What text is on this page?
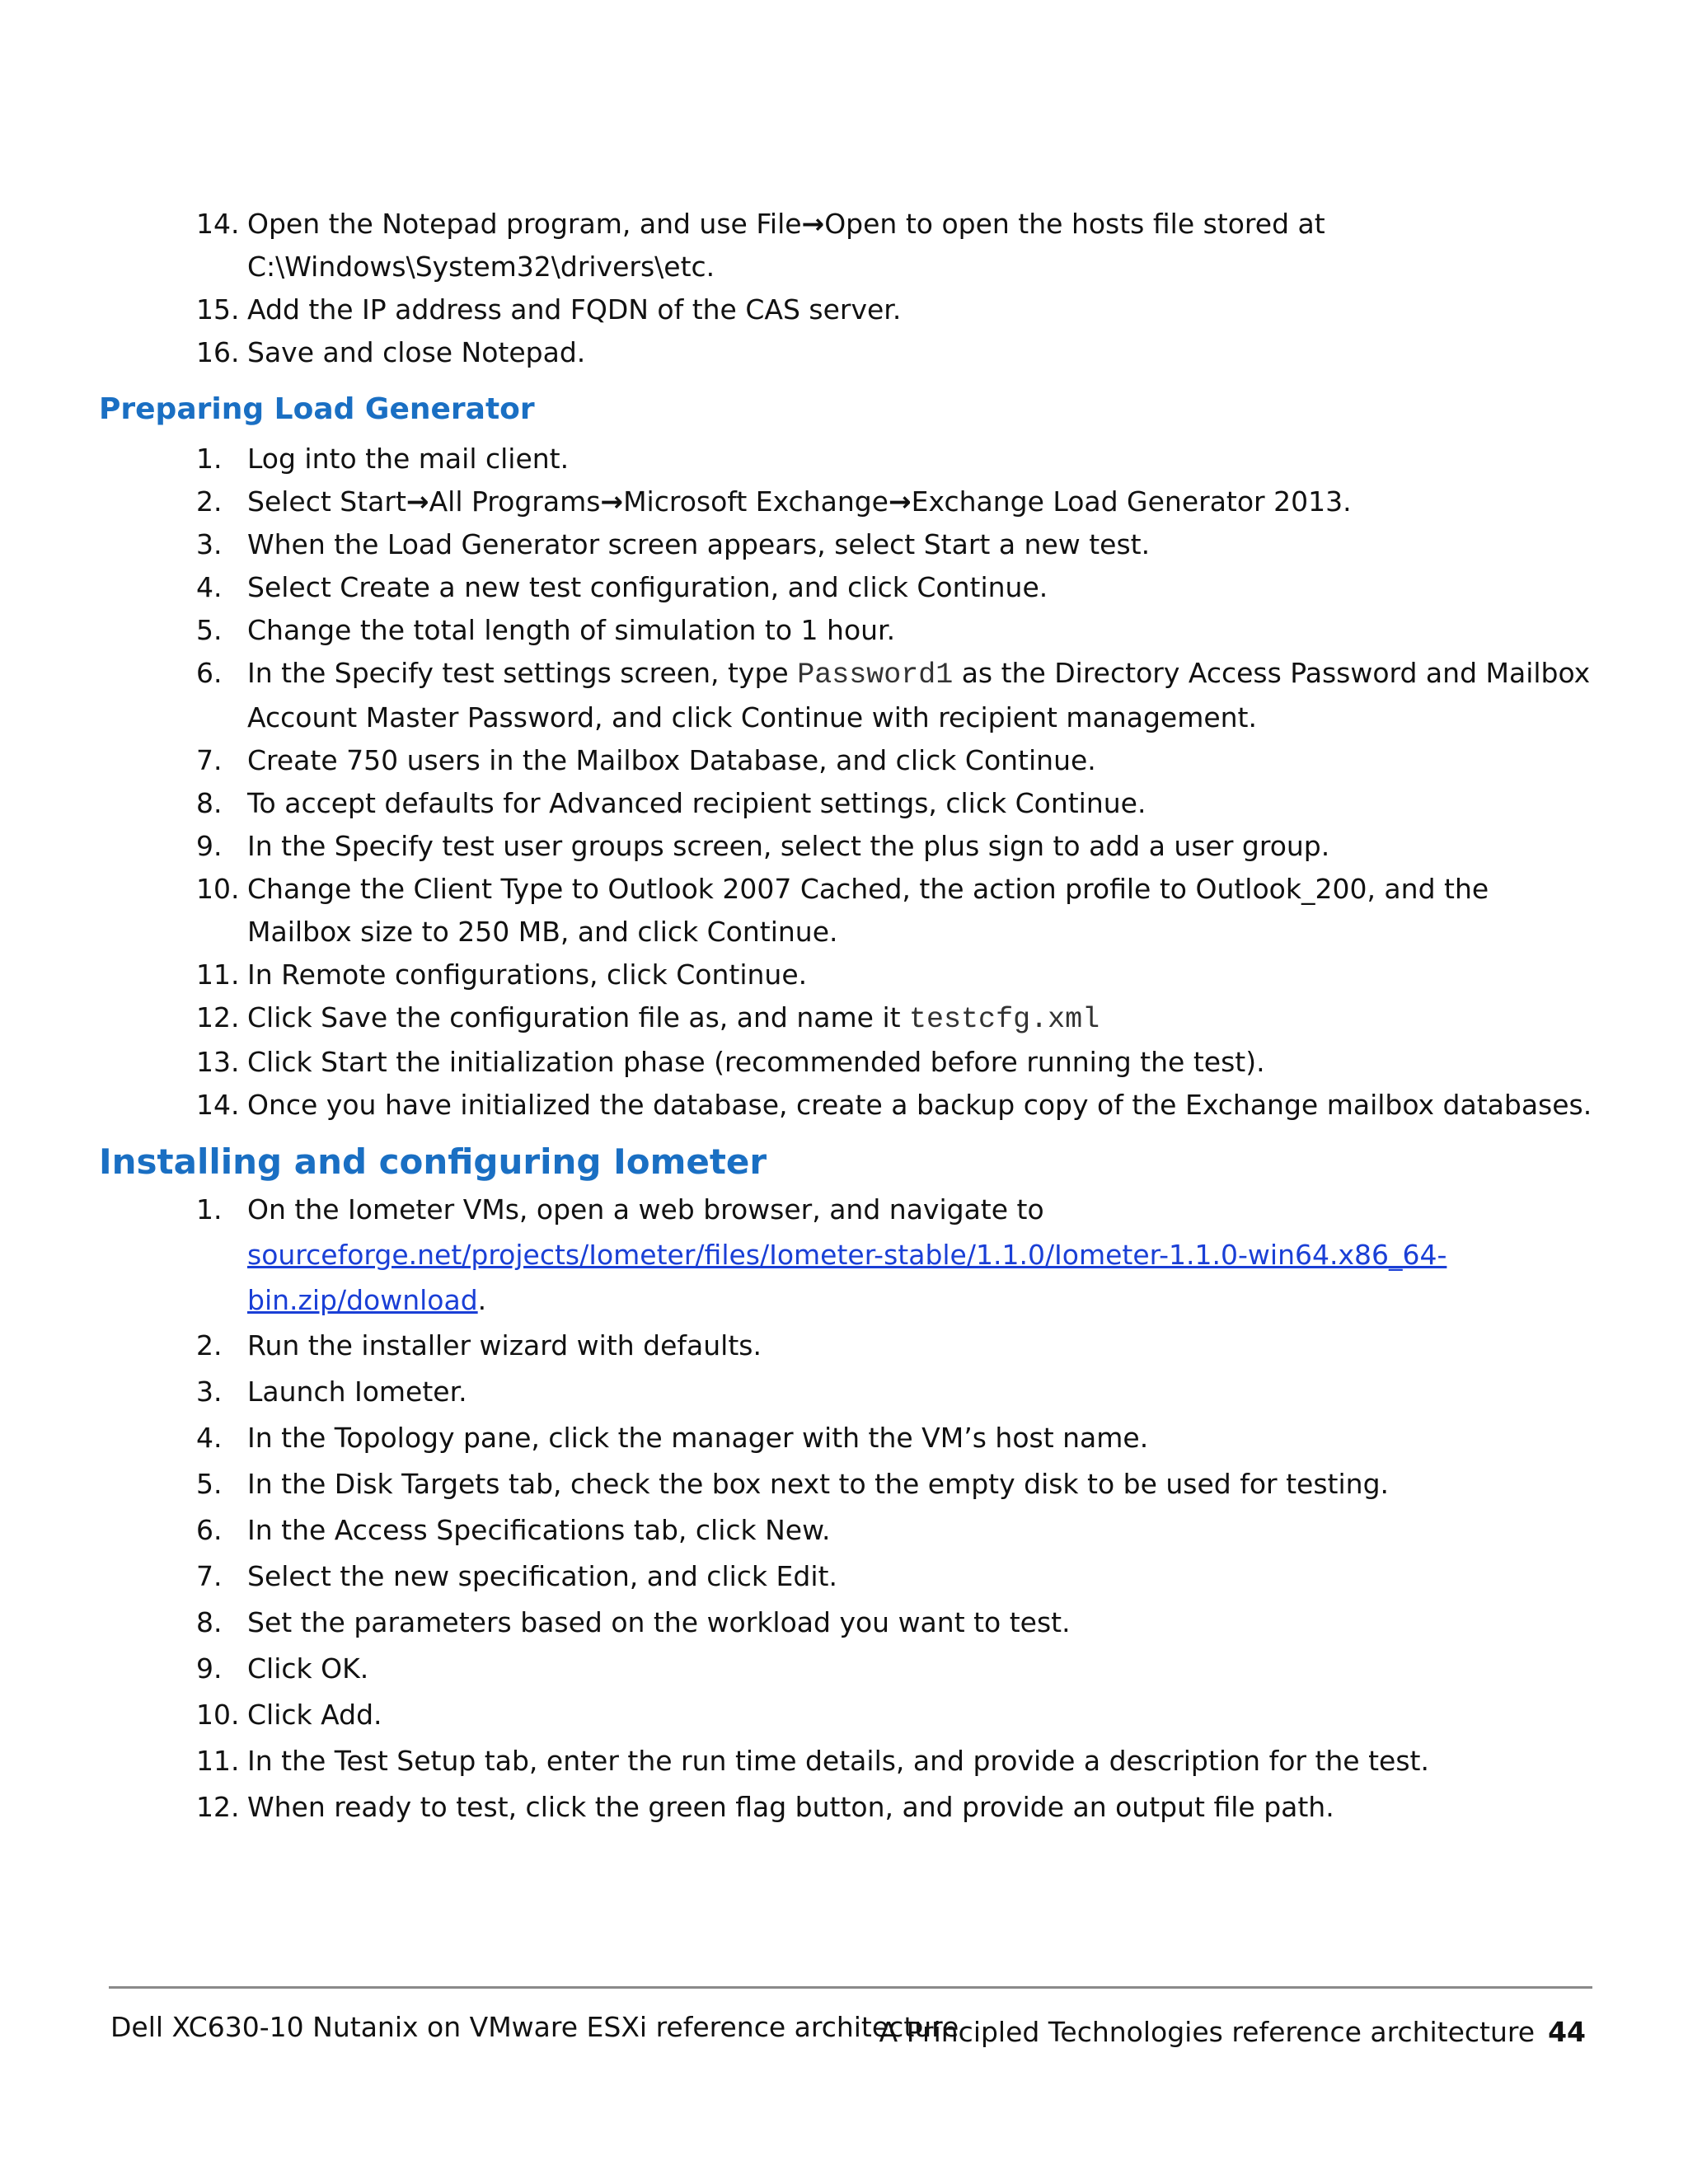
14. Open the Notepad program, and use File→Open to open the hosts file stored at C:\Windows\System32\drivers\etc.
15. Add the IP address and FQDN of the CAS server.
16. Save and close Notepad.
Preparing Load Generator
1. Log into the mail client.
2. Select Start→All Programs→Microsoft Exchange→Exchange Load Generator 2013.
3. When the Load Generator screen appears, select Start a new test.
4. Select Create a new test configuration, and click Continue.
5. Change the total length of simulation to 1 hour.
6. In the Specify test settings screen, type Password1 as the Directory Access Password and Mailbox Account Master Password, and click Continue with recipient management.
7. Create 750 users in the Mailbox Database, and click Continue.
8. To accept defaults for Advanced recipient settings, click Continue.
9. In the Specify test user groups screen, select the plus sign to add a user group.
10. Change the Client Type to Outlook 2007 Cached, the action profile to Outlook_200, and the Mailbox size to 250 MB, and click Continue.
11. In Remote configurations, click Continue.
12. Click Save the configuration file as, and name it testcfg.xml
13. Click Start the initialization phase (recommended before running the test).
14. Once you have initialized the database, create a backup copy of the Exchange mailbox databases.
Installing and configuring Iometer
1. On the Iometer VMs, open a web browser, and navigate to sourceforge.net/projects/Iometer/files/Iometer-stable/1.1.0/Iometer-1.1.0-win64.x86_64-bin.zip/download.
2. Run the installer wizard with defaults.
3. Launch Iometer.
4. In the Topology pane, click the manager with the VM’s host name.
5. In the Disk Targets tab, check the box next to the empty disk to be used for testing.
6. In the Access Specifications tab, click New.
7. Select the new specification, and click Edit.
8. Set the parameters based on the workload you want to test.
9. Click OK.
10. Click Add.
11. In the Test Setup tab, enter the run time details, and provide a description for the test.
12. When ready to test, click the green flag button, and provide an output file path.
Dell XC630-10 Nutanix on VMware ESXi reference architecture
A Principled Technologies reference architecture 44
